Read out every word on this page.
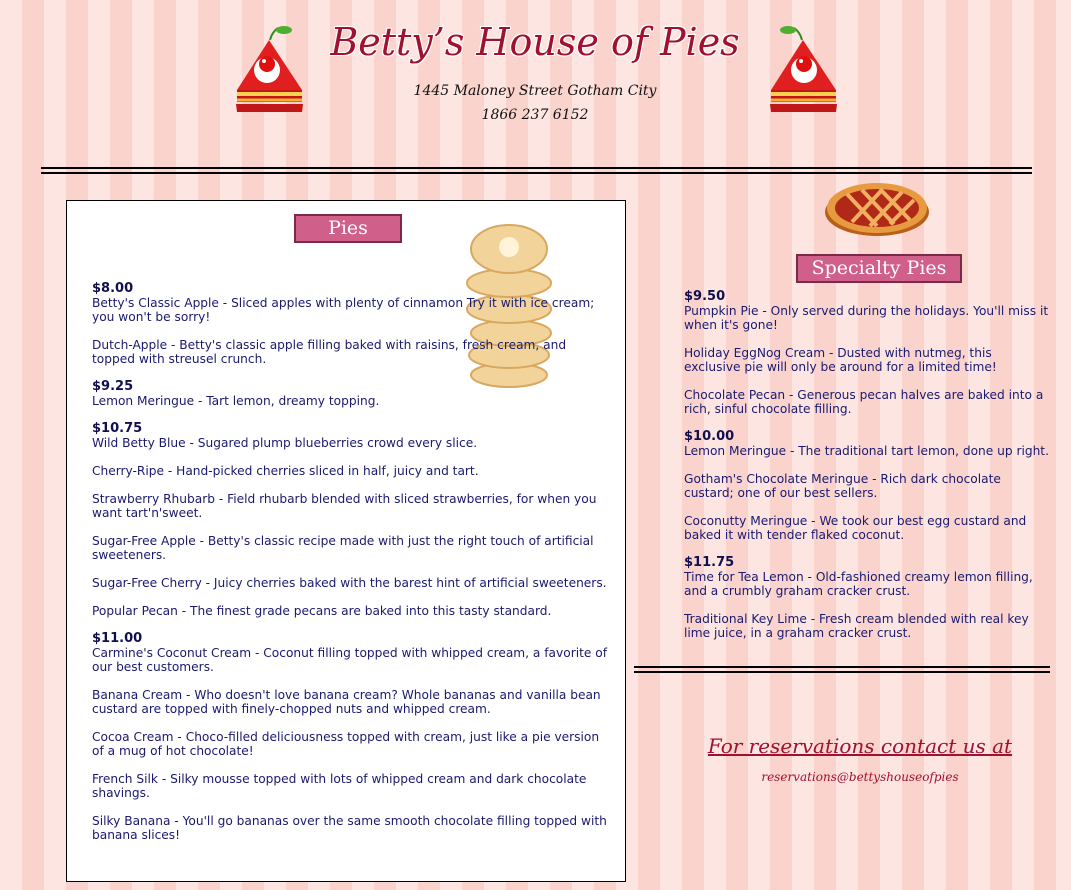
Betty’s House of Pies
1445 Maloney Street Gotham City
1866 237 6152
Pies
$8.00
Betty's Classic Apple - Sliced apples with plenty of cinnamon Try it with ice cream; you won't be sorry!
Dutch-Apple - Betty's classic apple filling baked with raisins, fresh cream, and topped with streusel crunch.
$9.25
Lemon Meringue - Tart lemon, dreamy topping.
$10.75
Wild Betty Blue - Sugared plump blueberries crowd every slice.
Cherry-Ripe - Hand-picked cherries sliced in half, juicy and tart.
Strawberry Rhubarb - Field rhubarb blended with sliced strawberries, for when you want tart'n'sweet.
Sugar-Free Apple - Betty's classic recipe made with just the right touch of artificial sweeteners.
Sugar-Free Cherry - Juicy cherries baked with the barest hint of artificial sweeteners.
Popular Pecan - The finest grade pecans are baked into this tasty standard.
$11.00
Carmine's Coconut Cream - Coconut filling topped with whipped cream, a favorite of our best customers.
Banana Cream - Who doesn't love banana cream? Whole bananas and vanilla bean custard are topped with finely-chopped nuts and whipped cream.
Cocoa Cream - Choco-filled deliciousness topped with cream, just like a pie version of a mug of hot chocolate!
French Silk - Silky mousse topped with lots of whipped cream and dark chocolate shavings.
Silky Banana - You'll go bananas over the same smooth chocolate filling topped with banana slices!
Specialty Pies
$9.50
Pumpkin Pie - Only served during the holidays. You'll miss it when it's gone!
Holiday EggNog Cream - Dusted with nutmeg, this exclusive pie will only be around for a limited time!
Chocolate Pecan - Generous pecan halves are baked into a rich, sinful chocolate filling.
$10.00
Lemon Meringue - The traditional tart lemon, done up right.
Gotham's Chocolate Meringue - Rich dark chocolate custard; one of our best sellers.
Coconutty Meringue - We took our best egg custard and baked it with tender flaked coconut.
$11.75
Time for Tea Lemon - Old-fashioned creamy lemon filling, and a crumbly graham cracker crust.
Traditional Key Lime - Fresh cream blended with real key lime juice, in a graham cracker crust.
For reservations contact us at
reservations@bettyshouseofpies
